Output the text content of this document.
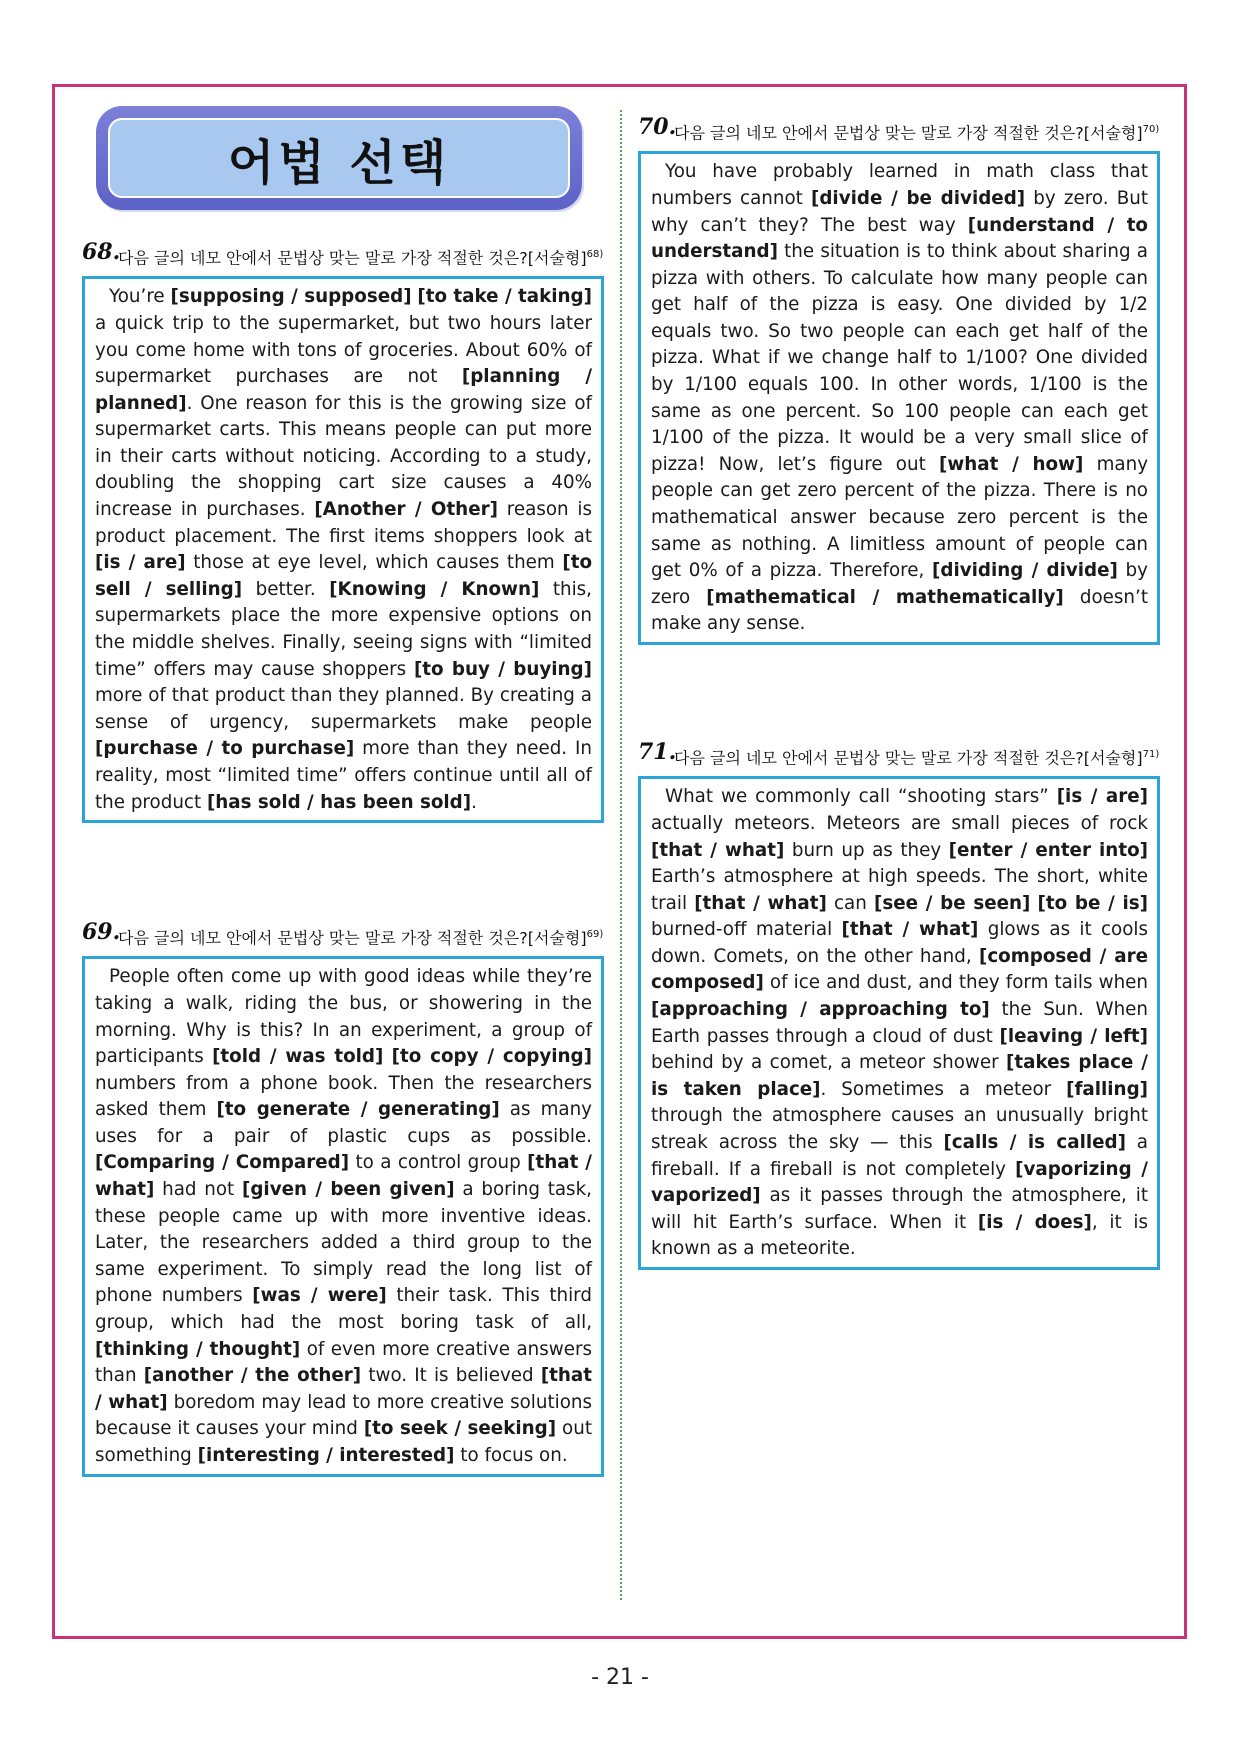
어법 선택
68.
다음 글의 네모 안에서 문법상 맞는 말로 가장 적절한 것은?[서술형]$^{68)}$
You’re [supposing / supposed] [to take / taking] a quick trip to the supermarket, but two hours later you come home with tons of groceries. About 60% of supermarket purchases are not [planning / planned]. One reason for this is the growing size of supermarket carts. This means people can put more in their carts without noticing. According to a study, doubling the shopping cart size causes a 40% increase in purchases. [Another / Other] reason is product placement. The first items shoppers look at [is / are] those at eye level, which causes them [to sell / selling] better. [Knowing / Known] this, supermarkets place the more expensive options on the middle shelves. Finally, seeing signs with “limited time” offers may cause shoppers [to buy / buying] more of that product than they planned. By creating a sense of urgency, supermarkets make people [purchase / to purchase] more than they need. In reality, most “limited time” offers continue until all of the product [has sold / has been sold].
69.
다음 글의 네모 안에서 문법상 맞는 말로 가장 적절한 것은?[서술형]$^{69)}$
People often come up with good ideas while they’re taking a walk, riding the bus, or showering in the morning. Why is this? In an experiment, a group of participants [told / was told] [to copy / copying] numbers from a phone book. Then the researchers asked them [to generate / generating] as many uses for a pair of plastic cups as possible. [Comparing / Compared] to a control group [that / what] had not [given / been given] a boring task, these people came up with more inventive ideas. Later, the researchers added a third group to the same experiment. To simply read the long list of phone numbers [was / were] their task. This third group, which had the most boring task of all, [thinking / thought] of even more creative answers than [another / the other] two. It is believed [that / what] boredom may lead to more creative solutions because it causes your mind [to seek / seeking] out something [interesting / interested] to focus on.
70.
다음 글의 네모 안에서 문법상 맞는 말로 가장 적절한 것은?[서술형]$^{70)}$
You have probably learned in math class that numbers cannot [divide / be divided] by zero. But why can’t they? The best way [understand / to understand] the situation is to think about sharing a pizza with others. To calculate how many people can get half of the pizza is easy. One divided by 1/2 equals two. So two people can each get half of the pizza. What if we change half to 1/100? One divided by 1/100 equals 100. In other words, 1/100 is the same as one percent. So 100 people can each get 1/100 of the pizza. It would be a very small slice of pizza! Now, let’s figure out [what / how] many people can get zero percent of the pizza. There is no mathematical answer because zero percent is the same as nothing. A limitless amount of people can get 0% of a pizza. Therefore, [dividing / divide] by zero [mathematical / mathematically] doesn’t make any sense.
71.
다음 글의 네모 안에서 문법상 맞는 말로 가장 적절한 것은?[서술형]$^{71)}$
What we commonly call “shooting stars” [is / are] actually meteors. Meteors are small pieces of rock [that / what] burn up as they [enter / enter into] Earth’s atmosphere at high speeds. The short, white trail [that / what] can [see / be seen] [to be / is] burned-off material [that / what] glows as it cools down. Comets, on the other hand, [composed / are composed] of ice and dust, and they form tails when [approaching / approaching to] the Sun. When Earth passes through a cloud of dust [leaving / left] behind by a comet, a meteor shower [takes place / is taken place]. Sometimes a meteor [falling] through the atmosphere causes an unusually bright streak across the sky — this [calls / is called] a fireball. If a fireball is not completely [vaporizing / vaporized] as it passes through the atmosphere, it will hit Earth’s surface. When it [is / does], it is known as a meteorite.
- 21 -
